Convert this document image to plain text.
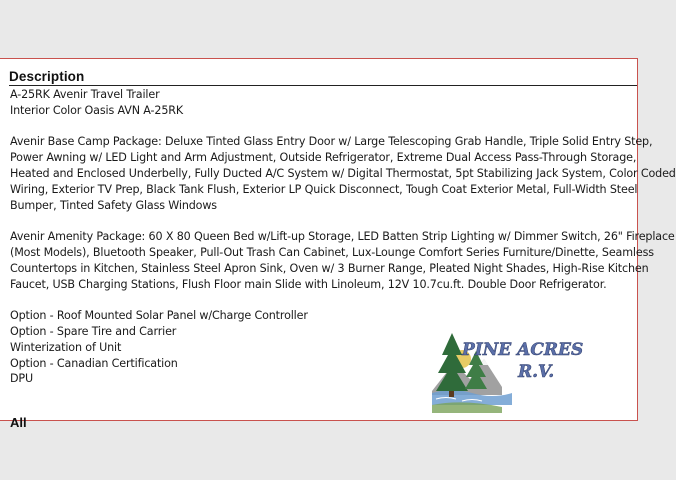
Description
A-25RK Avenir Travel Trailer
Interior Color Oasis AVN A-25RK
Avenir Base Camp Package: Deluxe Tinted Glass Entry Door w/ Large Telescoping Grab Handle, Triple Solid Entry Step,
Power Awning w/ LED Light and Arm Adjustment, Outside Refrigerator, Extreme Dual Access Pass-Through Storage,
Heated and Enclosed Underbelly, Fully Ducted A/C System w/ Digital Thermostat, 5pt Stabilizing Jack System, Color Coded
Wiring, Exterior TV Prep, Black Tank Flush, Exterior LP Quick Disconnect, Tough Coat Exterior Metal, Full-Width Steel
Bumper, Tinted Safety Glass Windows
Avenir Amenity Package: 60 X 80 Queen Bed w/Lift-up Storage, LED Batten Strip Lighting w/ Dimmer Switch, 26" Fireplace
(Most Models), Bluetooth Speaker, Pull-Out Trash Can Cabinet, Lux-Lounge Comfort Series Furniture/Dinette, Seamless
Countertops in Kitchen, Stainless Steel Apron Sink, Oven w/ 3 Burner Range, Pleated Night Shades, High-Rise Kitchen
Faucet, USB Charging Stations, Flush Floor main Slide with Linoleum, 12V 10.7cu.ft. Double Door Refrigerator.
Option - Roof Mounted Solar Panel w/Charge Controller
Option - Spare Tire and Carrier
Winterization of Unit
Option - Canadian Certification
DPU
All
PINE ACRES
R.V.
